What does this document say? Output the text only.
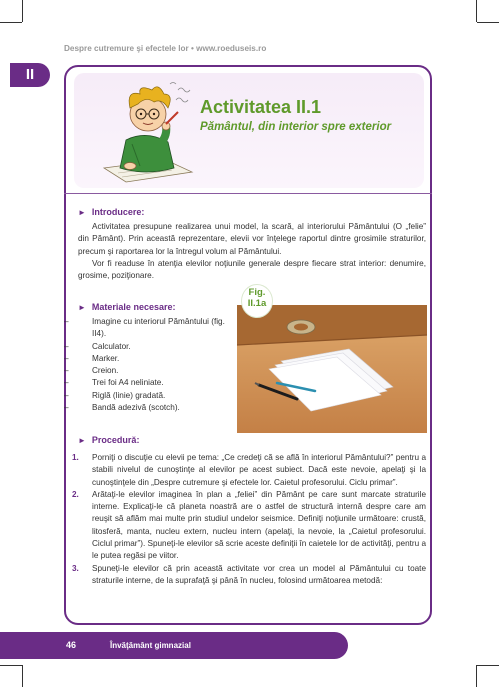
Despre cutremure şi efectele lor • www.roeduseis.ro
II
Activitatea II.1
Pământul, din interior spre exterior
► Introducere:

Activitatea presupune realizarea unui model, la scară, al interiorului Pământului (O „felie” din Pământ). Prin această reprezentare, elevii vor înţelege raportul dintre grosimile straturilor, precum şi raportarea lor la întregul volum al Pământului.

Vor fi readuse în atenţia elevilor noţiunile generale despre fiecare strat interior: denumire, grosime, poziţionare.

► Materiale necesare:
–	Imagine cu interiorul Pământului (fig. II4).
–	Calculator.
–	Marker.
–	Creion.
–	Trei foi A4 neliniate.
–	Riglă (linie) gradată.
–	Bandă adezivă (scotch).
Fig.
II.1a
► Procedură:
1. Porniţi o discuţie cu elevii pe tema: „Ce credeţi că se află în interiorul Pământului?” pentru a stabili nivelul de cunoştinţe al elevilor pe acest subiect. Dacă este nevoie, apelaţi şi la cunoştinţele din „Despre cutremure şi efectele lor. Caietul profesorului. Ciclu primar”.
2. Arătaţi-le elevilor imaginea în plan a „feliei” din Pământ pe care sunt marcate straturile interne. Explicaţi-le că planeta noastră are o astfel de structură internă despre care am reuşit să aflăm mai multe prin studiul undelor seismice. Definiţi noţiunile următoare: crustă, litosferă, manta, nucleu extern, nucleu intern (apelaţi, la nevoie, la „Caietul profesorului. Ciclul primar”). Spuneţi-le elevilor să scrie aceste definiţii în caietele lor de activităţi, pentru a le putea regăsi pe viitor.
3. Spuneţi-le elevilor că prin această activitate vor crea un model al Pământului cu toate straturile interne, de la suprafaţă şi până în nucleu, folosind următoarea metodă:
46	Învăţământ gimnazial
